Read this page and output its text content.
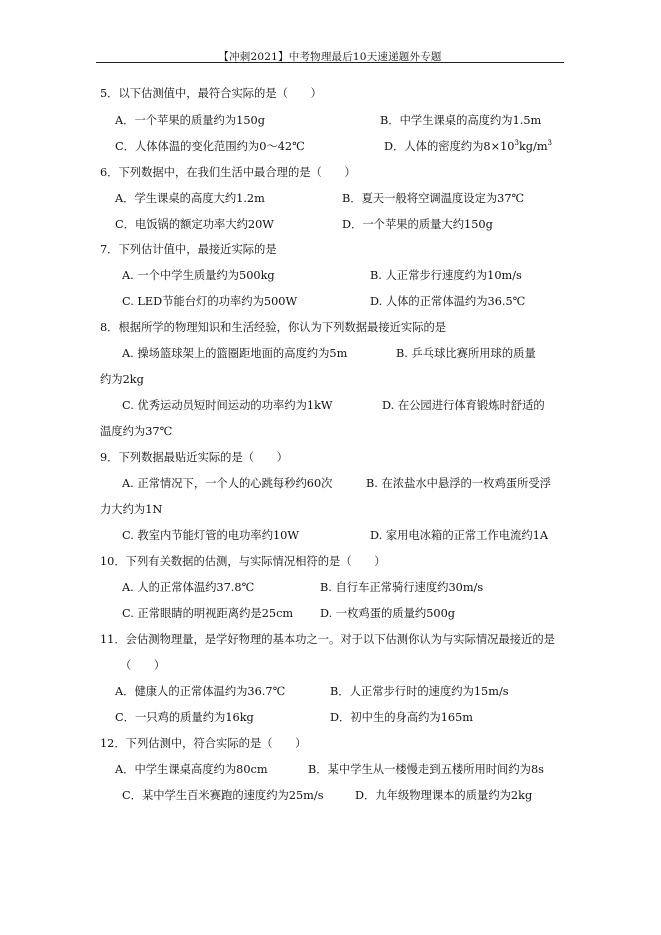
【冲刺2021】中考物理最后10天速递题外专题
5．以下估测值中，最符合实际的是（　　）
A．一个苹果的质量约为150g	B．中学生课桌的高度约为1.5m
C．人体体温的变化范围约为0～42℃	D．人体的密度约为$8\times 10^3kg/m^3$
6．下列数据中，在我们生活中最合理的是（　　）
A．学生课桌的高度大约1.2m	B．夏天一般将空调温度设定为37℃
C．电饭锅的额定功率大约20W	D．一个苹果的质量大约150g
7．下列估计值中，最接近实际的是
A. 一个中学生质量约为500kg	B. 人正常步行速度约为10m/s
C. LED节能台灯的功率约为500W	D. 人体的正常体温约为36.5℃
8．根据所学的物理知识和生活经验，你认为下列数据最接近实际的是
A. 操场篮球架上的篮圈距地面的高度约为5m	B. 乒乓球比赛所用球的质量
约为2kg
C. 优秀运动员短时间运动的功率约为1kW	D. 在公园进行体育锻炼时舒适的
温度约为37℃
9．下列数据最贴近实际的是（　　）
A. 正常情况下，一个人的心跳每秒约60次	B. 在浓盐水中悬浮的一枚鸡蛋所受浮
力大约为1N
C. 教室内节能灯管的电功率约10W	D. 家用电冰箱的正常工作电流约1A
10．下列有关数据的估测，与实际情况相符的是（　　）
A. 人的正常体温约37.8℃	B. 自行车正常骑行速度约30m/s
C. 正常眼睛的明视距离约是25cm D. 一枚鸡蛋的质量约500g
11．会估测物理量，是学好物理的基本功之一。对于以下估测你认为与实际情况最接近的是
（　　）
A．健康人的正常体温约为36.7℃	B．人正常步行时的速度约为15m/s
C．一只鸡的质量约为16kg	D．初中生的身高约为165m
12．下列估测中，符合实际的是（　　）
A．中学生课桌高度约为80cm	B．某中学生从一楼慢走到五楼所用时间约为8s
C．某中学生百米赛跑的速度约为25m/s	D．九年级物理课本的质量约为2kg
